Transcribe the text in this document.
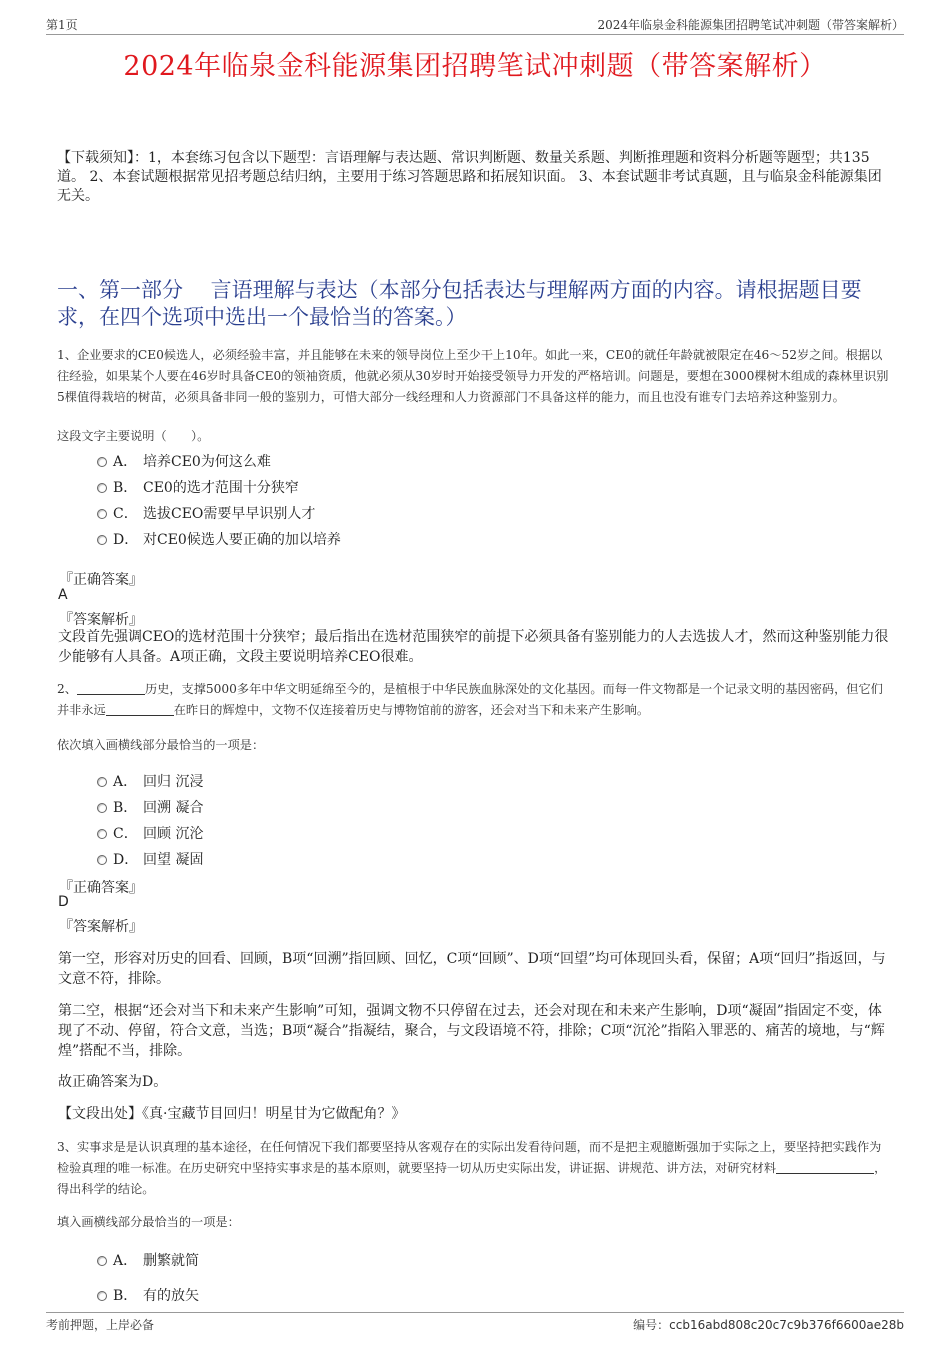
第1页	2024年临泉金科能源集团招聘笔试冲刺题（带答案解析）
2024年临泉金科能源集团招聘笔试冲刺题（带答案解析）
【下载须知】：1，本套练习包含以下题型：言语理解与表达题、常识判断题、数量关系题、判断推理题和资料分析题等题型；共135道。 2、本套试题根据常见招考题总结归纳，主要用于练习答题思路和拓展知识面。 3、本套试题非考试真题，且与临泉金科能源集团无关。
一、第一部分　 言语理解与表达（本部分包括表达与理解两方面的内容。请根据题目要求，在四个选项中选出一个最恰当的答案。）
1、企业要求的CE0候选人，必须经验丰富，并且能够在未来的领导岗位上至少干上10年。如此一来，CE0的就任年龄就被限定在46～52岁之间。根据以往经验，如果某个人要在46岁时具备CE0的领袖资质，他就必须从30岁时开始接受领导力开发的严格培训。问题是，要想在3000棵树木组成的森林里识别5棵值得栽培的树苗，必须具备非同一般的鉴别力，可惜大部分一线经理和人力资源部门不具备这样的能力，而且也没有谁专门去培养这种鉴别力。
这段文字主要说明（　　）。
A． 培养CE0为何这么难
B． CE0的选才范围十分狭窄
C． 选拔CEO需要早早识别人才
D． 对CE0候选人要正确的加以培养
『正确答案』
A
『答案解析』
文段首先强调CEO的选材范围十分狭窄；最后指出在选材范围狭窄的前提下必须具备有鉴别能力的人去选拔人才，然而这种鉴别能力很少能够有人具备。A项正确，文段主要说明培养CEO很难。
2、	历史，支撑5000多年中华文明延绵至今的，是植根于中华民族血脉深处的文化基因。而每一件文物都是一个记录文明的基因密码，但它们并非永远	在昨日的辉煌中，文物不仅连接着历史与博物馆前的游客，还会对当下和未来产生影响。
依次填入画横线部分最恰当的一项是：
A． 回归 沉浸
B． 回溯 凝合
C． 回顾 沉沦
D． 回望 凝固
『正确答案』
D
『答案解析』
第一空，形容对历史的回看、回顾，B项“回溯”指回顾、回忆，C项“回顾”、D项“回望”均可体现回头看，保留；A项“回归”指返回，与文意不符，排除。
第二空，根据“还会对当下和未来产生影响”可知，强调文物不只停留在过去，还会对现在和未来产生影响，D项“凝固”指固定不变，体现了不动、停留，符合文意，当选；B项“凝合”指凝结，聚合，与文段语境不符，排除；C项“沉沦”指陷入罪恶的、痛苦的境地，与“辉煌”搭配不当，排除。
故正确答案为D。
【文段出处】《真·宝藏节目回归！明星甘为它做配角？》
3、实事求是是认识真理的基本途径，在任何情况下我们都要坚持从客观存在的实际出发看待问题，而不是把主观臆断强加于实际之上，要坚持把实践作为检验真理的唯一标准。在历史研究中坚持实事求是的基本原则，就要坚持一切从历史实际出发，讲证据、讲规范、讲方法，对研究材料	，得出科学的结论。
填入画横线部分最恰当的一项是：
A． 删繁就简
B． 有的放矢
考前押题，上岸必备	编号：ccb16abd808c20c7c9b376f6600ae28b
